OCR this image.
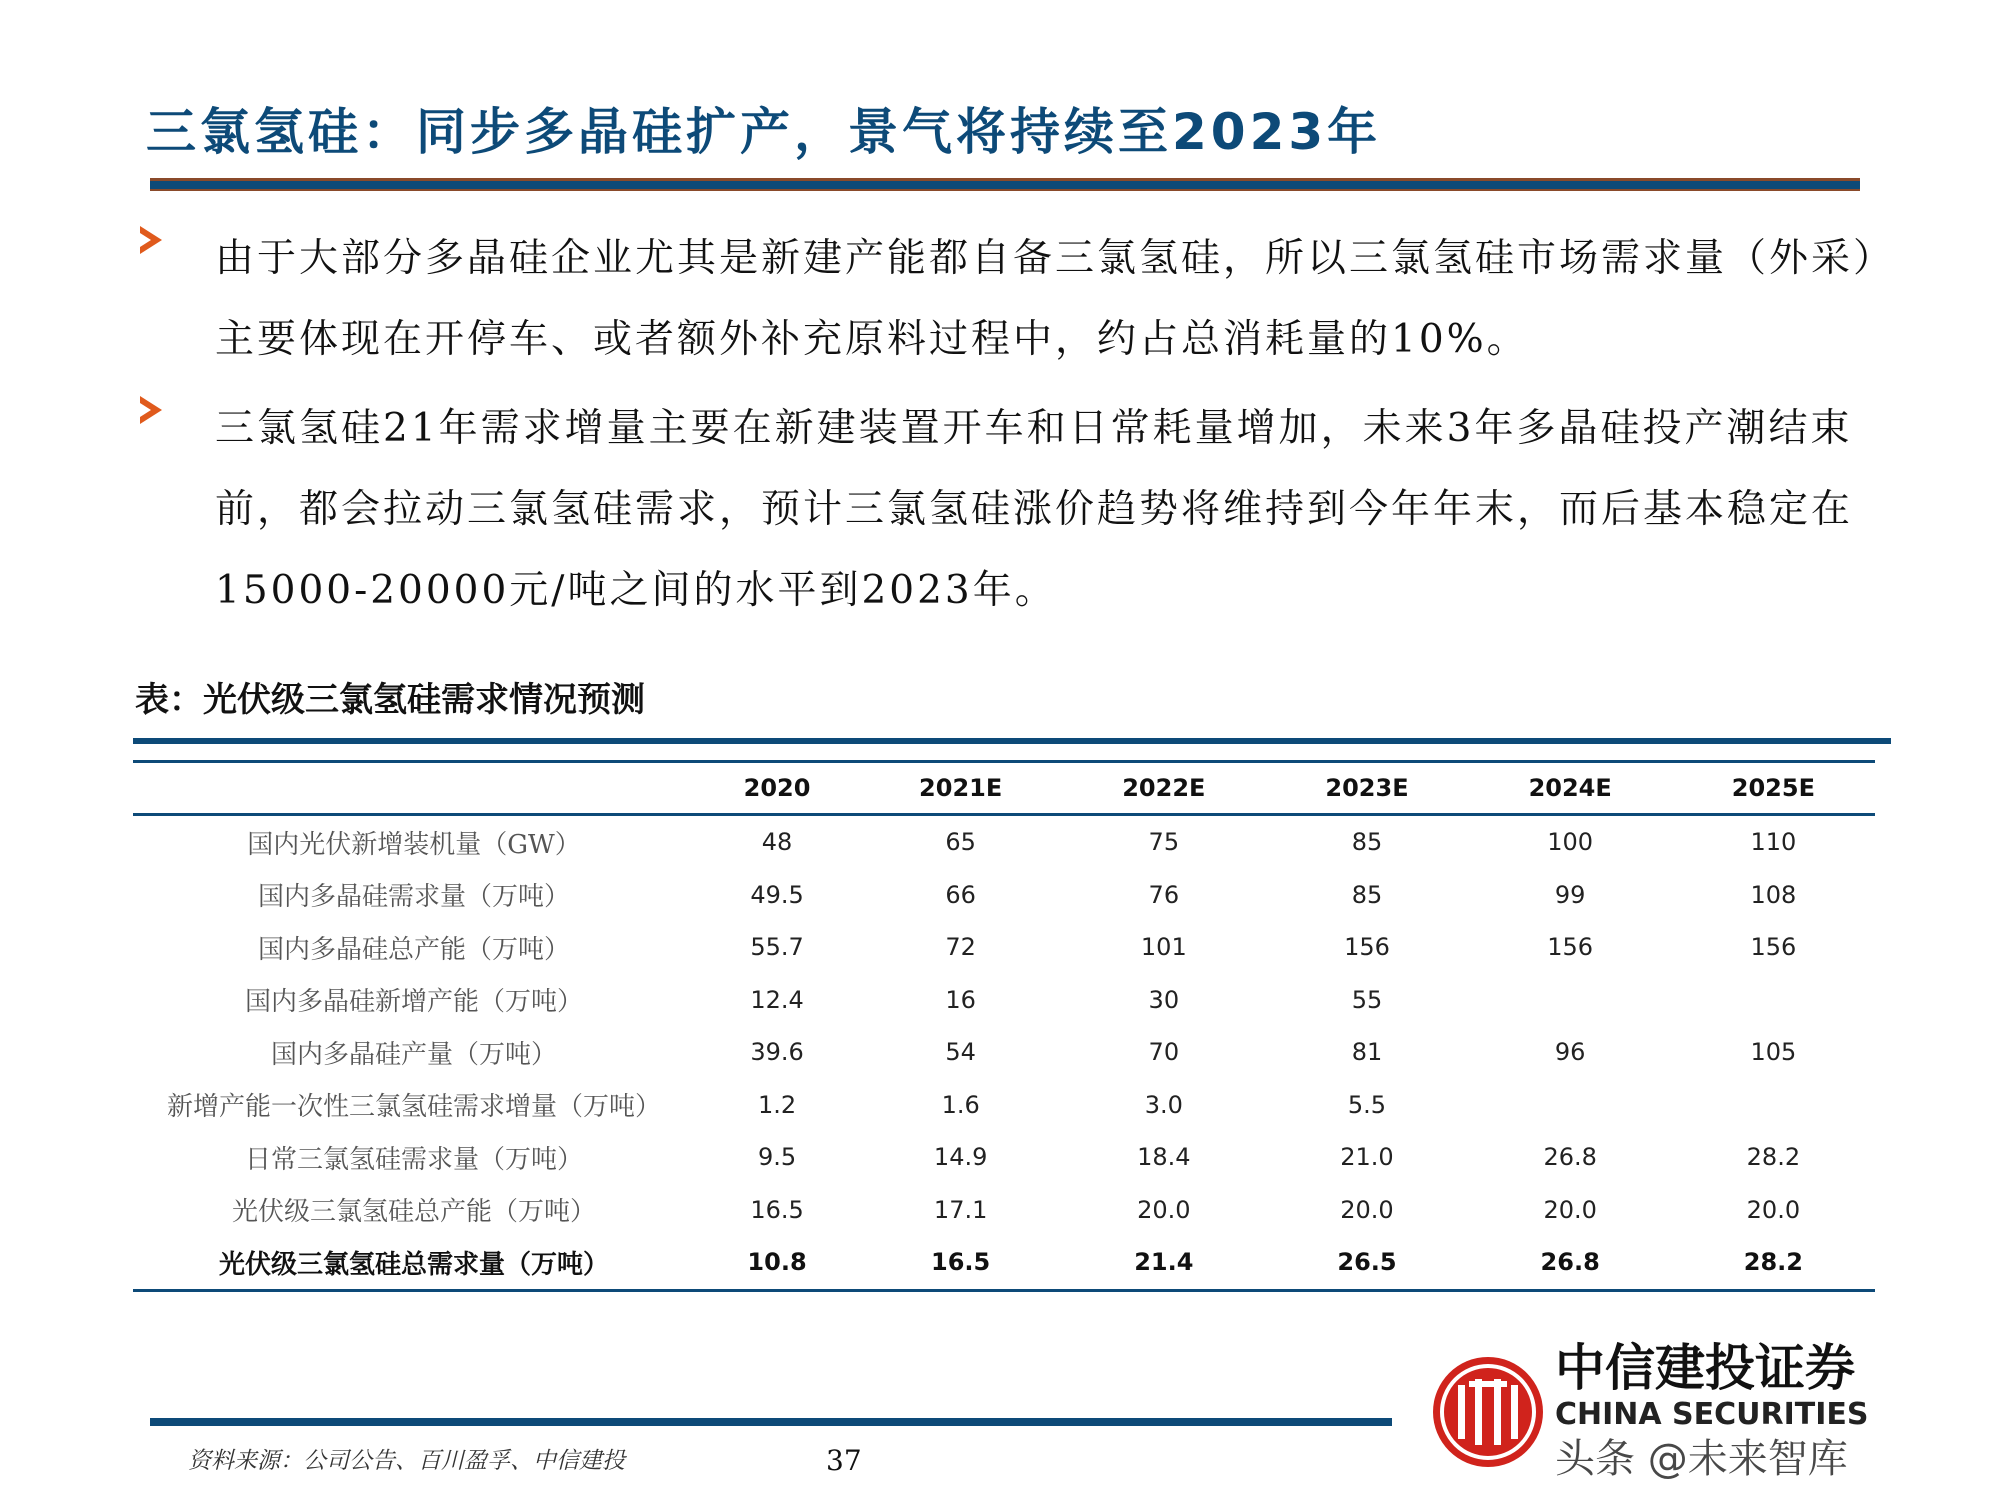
三氯氢硅：同步多晶硅扩产，景气将持续至2023年
由于大部分多晶硅企业尤其是新建产能都自备三氯氢硅，所以三氯氢硅市场需求量（外采）主要体现在开停车、或者额外补充原料过程中，约占总消耗量的10%。
三氯氢硅21年需求增量主要在新建装置开车和日常耗量增加，未来3年多晶硅投产潮结束前，都会拉动三氯氢硅需求，预计三氯氢硅涨价趋势将维持到今年年末，而后基本稳定在15000-20000元/吨之间的水平到2023年。
表：光伏级三氯氢硅需求情况预测
	2020	2021E	2022E	2023E	2024E	2025E
国内光伏新增装机量（GW）	48	65	75	85	100	110
国内多晶硅需求量（万吨）	49.5	66	76	85	99	108
国内多晶硅总产能（万吨）	55.7	72	101	156	156	156
国内多晶硅新增产能（万吨）	12.4	16	30	55		
国内多晶硅产量（万吨）	39.6	54	70	81	96	105
新增产能一次性三氯氢硅需求增量（万吨）	1.2	1.6	3.0	5.5		
日常三氯氢硅需求量（万吨）	9.5	14.9	18.4	21.0	26.8	28.2
光伏级三氯氢硅总产能（万吨）	16.5	17.1	20.0	20.0	20.0	20.0
光伏级三氯氢硅总需求量（万吨）	10.8	16.5	21.4	26.5	26.8	28.2
资料来源：公司公告、百川盈孚、中信建投	37
中信建投证券
CHINA SECURITIES
头条 @未来智库
